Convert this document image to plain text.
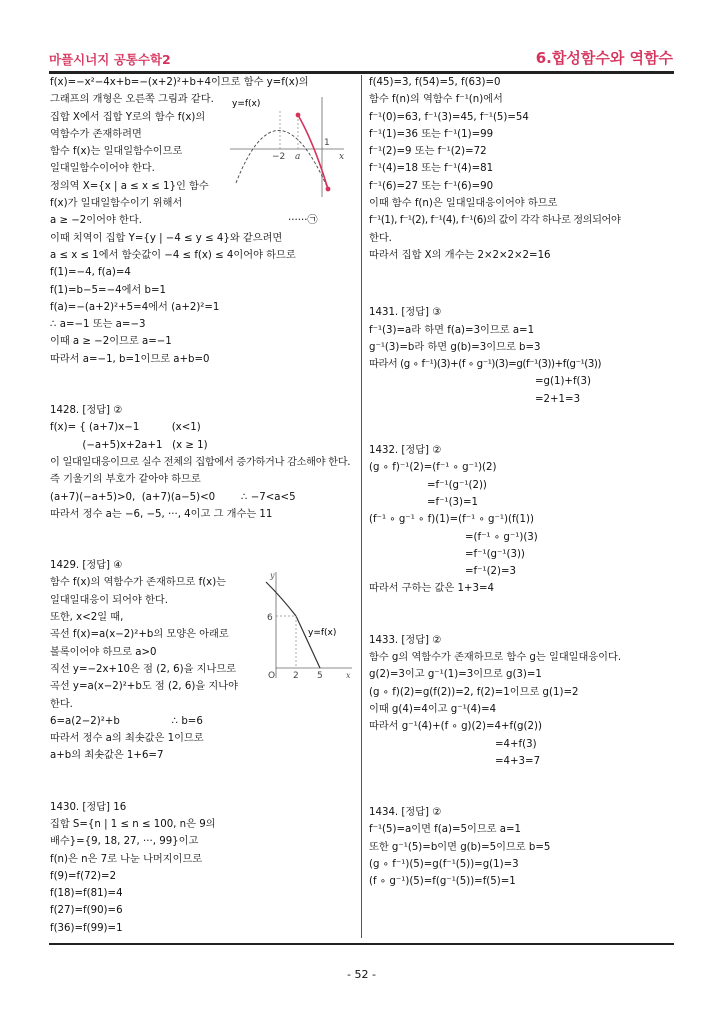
마플시너지 공통수학2	6.합성함수와 역함수
f(x)=−x²−4x+b=−(x+2)²+b+4이므로 함수 y=f(x)의
그래프의 개형은 오른쪽 그림과 같다.
집합 X에서 집합 Y로의 함수 f(x)의
역함수가 존재하려면
함수 f(x)는 일대일함수이므로
일대일함수이어야 한다.
정의역 X={x | a ≤ x ≤ 1}인 함수
f(x)가 일대일함수이기 위해서
a ≥ −2이어야 한다.	······㉠
이때 치역이 집합 Y={y | −4 ≤ y ≤ 4}와 같으려면
a ≤ x ≤ 1에서 함숫값이 −4 ≤ f(x) ≤ 4이어야 하므로
f(1)=−4, f(a)=4
f(1)=b−5=−4에서 b=1
f(a)=−(a+2)²+5=4에서 (a+2)²=1
∴ a=−1 또는 a=−3
이때 a ≥ −2이므로 a=−1
따라서 a=−1, b=1이므로 a+b=0
1428. [정답] ②
f(x)= { (a+7)x−1          (x<1)
(−a+5)x+2a+1   (x ≥ 1)
이 일대일대응이므로 실수 전체의 집합에서 증가하거나 감소해야 한다.
즉 기울기의 부호가 같아야 하므로
(a+7)(−a+5)>0,  (a+7)(a−5)<0        ∴ −7<a<5
따라서 정수 a는 −6, −5, ···, 4이고 그 개수는 11
1429. [정답] ④
함수 f(x)의 역함수가 존재하므로 f(x)는
일대일대응이 되어야 한다.
또한, x<2일 때,
곡선 f(x)=a(x−2)²+b의 모양은 아래로
볼록이어야 하므로 a>0
직선 y=−2x+10은 점 (2, 6)을 지나므로
곡선 y=a(x−2)²+b도 점 (2, 6)을 지나야
한다.
6=a(2−2)²+b                ∴ b=6
따라서 정수 a의 최솟값은 1이므로
a+b의 최솟값은 1+6=7
1430. [정답] 16
집합 S={n | 1 ≤ n ≤ 100, n은 9의
배수}={9, 18, 27, ···, 99}이고
f(n)은 n은 7로 나눈 나머지이므로
f(9)=f(72)=2
f(18)=f(81)=4
f(27)=f(90)=6
f(36)=f(99)=1
y=f(x)
−2 a
1
x
y
x
O
6
2 5
y=f(x)
f(45)=3, f(54)=5, f(63)=0
함수 f(n)의 역함수 f⁻¹(n)에서
f⁻¹(0)=63, f⁻¹(3)=45, f⁻¹(5)=54
f⁻¹(1)=36 또는 f⁻¹(1)=99
f⁻¹(2)=9 또는 f⁻¹(2)=72
f⁻¹(4)=18 또는 f⁻¹(4)=81
f⁻¹(6)=27 또는 f⁻¹(6)=90
이때 함수 f(n)은 일대일대응이어야 하므로
f⁻¹(1), f⁻¹(2), f⁻¹(4), f⁻¹(6)의 값이 각각 하나로 정의되어야
한다.
따라서 집합 X의 개수는 2×2×2×2=16
1431. [정답] ③
f⁻¹(3)=a라 하면 f(a)=3이므로 a=1
g⁻¹(3)=b라 하면 g(b)=3이므로 b=3
따라서 (g ∘ f⁻¹)(3)+(f ∘ g⁻¹)(3)=g(f⁻¹(3))+f(g⁻¹(3))
=g(1)+f(3)
=2+1=3
1432. [정답] ②
(g ∘ f)⁻¹(2)=(f⁻¹ ∘ g⁻¹)(2)
=f⁻¹(g⁻¹(2))
=f⁻¹(3)=1
(f⁻¹ ∘ g⁻¹ ∘ f)(1)=(f⁻¹ ∘ g⁻¹)(f(1))
=(f⁻¹ ∘ g⁻¹)(3)
=f⁻¹(g⁻¹(3))
=f⁻¹(2)=3
따라서 구하는 값은 1+3=4
1433. [정답] ②
함수 g의 역함수가 존재하므로 함수 g는 일대일대응이다.
g(2)=3이고 g⁻¹(1)=3이므로 g(3)=1
(g ∘ f)(2)=g(f(2))=2, f(2)=1이므로 g(1)=2
이때 g(4)=4이고 g⁻¹(4)=4
따라서 g⁻¹(4)+(f ∘ g)(2)=4+f(g(2))
=4+f(3)
=4+3=7
1434. [정답] ②
f⁻¹(5)=a이면 f(a)=5이므로 a=1
또한 g⁻¹(5)=b이면 g(b)=5이므로 b=5
(g ∘ f⁻¹)(5)=g(f⁻¹(5))=g(1)=3
(f ∘ g⁻¹)(5)=f(g⁻¹(5))=f(5)=1
- 52 -
